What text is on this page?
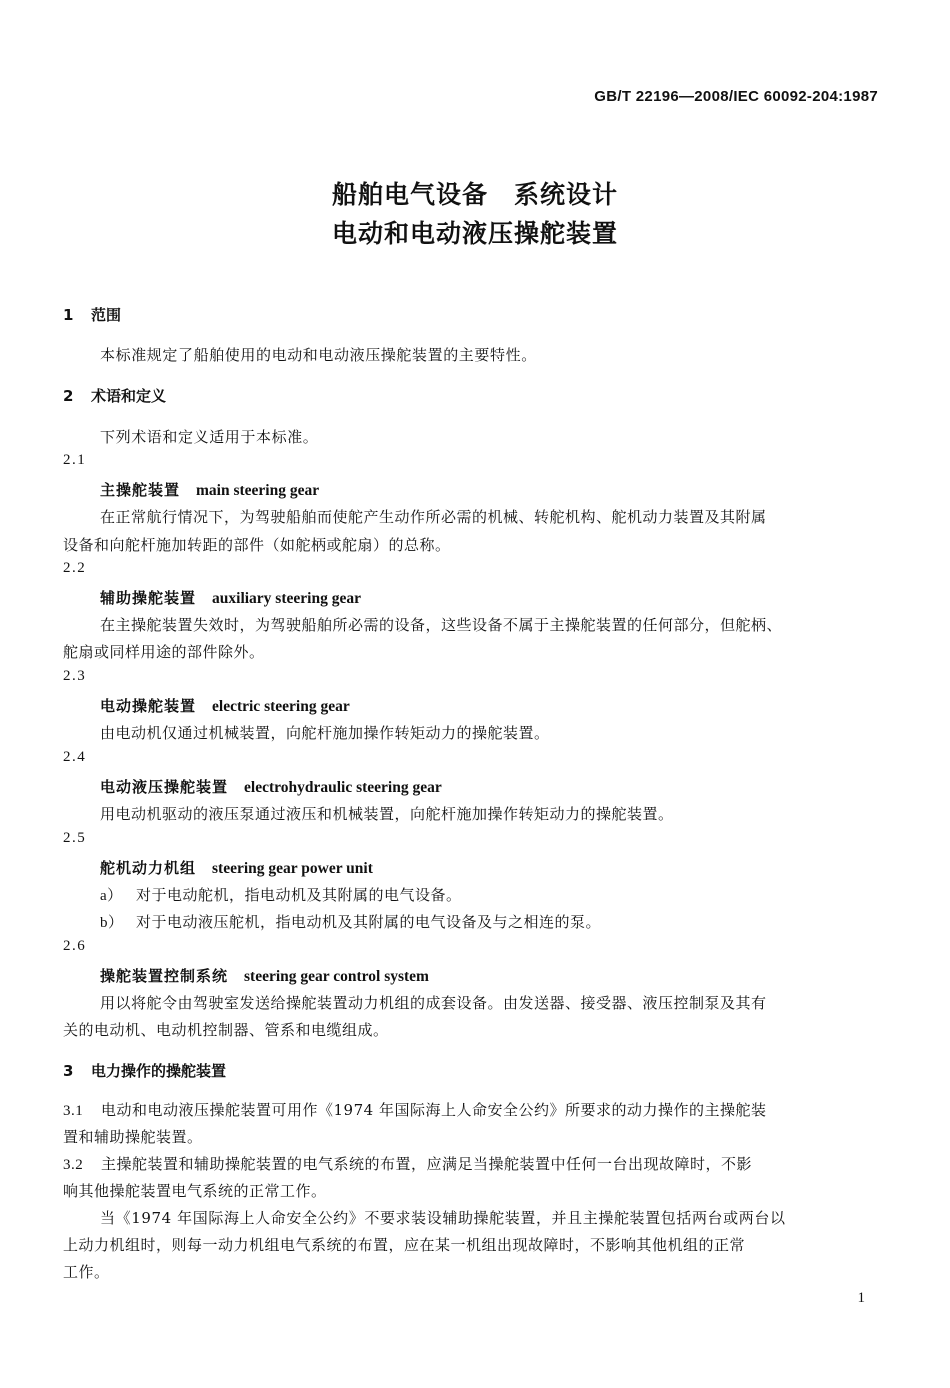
GB/T 22196—2008/IEC 60092-204:1987
船舶电气设备　系统设计
电动和电动液压操舵装置
1 范围
本标准规定了船舶使用的电动和电动液压操舵装置的主要特性。
2 术语和定义
下列术语和定义适用于本标准。
2.1
主操舵装置 main steering gear
在正常航行情况下，为驾驶船舶而使舵产生动作所必需的机械、转舵机构、舵机动力装置及其附属
设备和向舵杆施加转距的部件（如舵柄或舵扇）的总称。
2.2
辅助操舵装置 auxiliary steering gear
在主操舵装置失效时，为驾驶船舶所必需的设备，这些设备不属于主操舵装置的任何部分，但舵柄、
舵扇或同样用途的部件除外。
2.3
电动操舵装置 electric steering gear
由电动机仅通过机械装置，向舵杆施加操作转矩动力的操舵装置。
2.4
电动液压操舵装置 electrohydraulic steering gear
用电动机驱动的液压泵通过液压和机械装置，向舵杆施加操作转矩动力的操舵装置。
2.5
舵机动力机组 steering gear power unit
a） 对于电动舵机，指电动机及其附属的电气设备。
b） 对于电动液压舵机，指电动机及其附属的电气设备及与之相连的泵。
2.6
操舵装置控制系统 steering gear control system
用以将舵令由驾驶室发送给操舵装置动力机组的成套设备。由发送器、接受器、液压控制泵及其有
关的电动机、电动机控制器、管系和电缆组成。
3 电力操作的操舵装置
3.1 电动和电动液压操舵装置可用作《1974 年国际海上人命安全公约》所要求的动力操作的主操舵装
置和辅助操舵装置。
3.2 主操舵装置和辅助操舵装置的电气系统的布置，应满足当操舵装置中任何一台出现故障时，不影
响其他操舵装置电气系统的正常工作。
当《1974 年国际海上人命安全公约》不要求装设辅助操舵装置，并且主操舵装置包括两台或两台以
上动力机组时，则每一动力机组电气系统的布置，应在某一机组出现故障时，不影响其他机组的正常
工作。
1
